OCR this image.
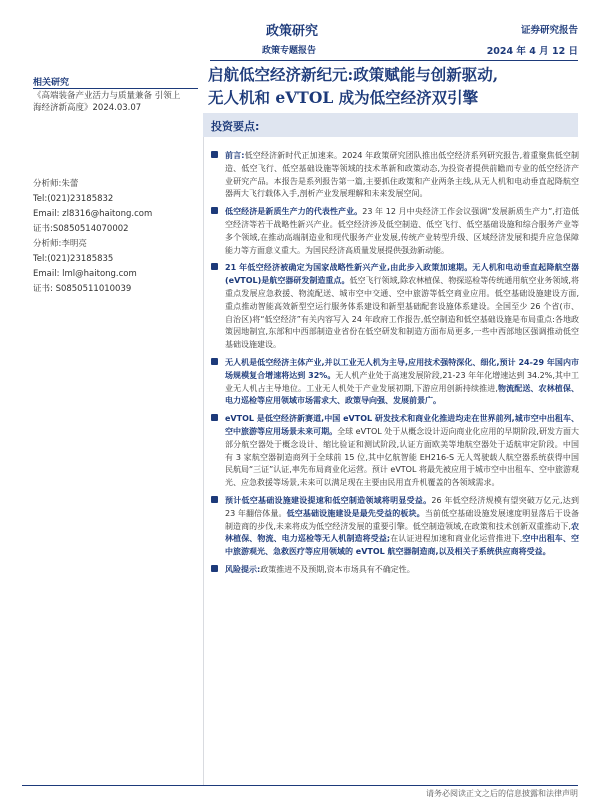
政策研究
政策专题报告
证券研究报告
2024 年 4 月 12 日
相关研究
《高端装备产业活力与质量兼备 引领上
海经济新高度》2024.03.07
分析师:朱蕾
Tel:(021)23185832
Email: zl8316@haitong.com
证书:S0850514070002
分析师:李明亮
Tel:(021)23185835
Email: lml@haitong.com
证书: S0850511010039
启航低空经济新纪元:政策赋能与创新驱动,
无人机和 eVTOL 成为低空经济双引擎
投资要点:
前言:低空经济新时代正加速来。2024 年政策研究团队推出低空经济系列研究报告,着重聚焦低空制造、低空飞行、低空基础设施等领域的技术革新和政策动态,为投资者提供前瞻而专业的低空经济产业研究产品。本报告是系列报告第一篇,主要抓住政策和产业两条主线,从无人机和电动垂直起降航空器两大飞行载体入手,剖析产业发展理解和未来发展空间。
低空经济是新质生产力的代表性产业。23 年 12 月中央经济工作会议强调“发展新质生产力”,打造低空经济等若干战略性新兴产业。低空经济涉及低空制造、低空飞行、低空基础设施和综合服务产业等多个领域,在推动高端制造业和现代服务产业发展,传统产业转型升级、区域经济发展和提升应急保障能力等方面意义重大。为国民经济高质量发展提供强劲新动能。
21 年低空经济被确定为国家战略性新兴产业,由此步入政策加速期。无人机和电动垂直起降航空器(eVTOL)是航空器研发制造重点。低空飞行领域,除农林植保、物探巡检等传统通用航空业务领域,将重点发展应急救援、物流配送、城市空中交通、空中旅游等低空商业应用。低空基础设施建设方面,重点推动智能高效新型空运行服务体系建设和新型基础配套设施体系建设。全国至少 26 个省(市、自治区)将“低空经济”有关内容写入 24 年政府工作报告,低空制造和低空基础设施是布局重点:各地政策因地制宜,东部和中西部制造业省份在低空研发和制造方面布局更多,一些中西部地区强调推动低空基础设施建设。
无人机是低空经济主体产业,并以工业无人机为主导,应用技术强特深化、细化,预计 24-29 年国内市场规模复合增速将达到 32%。无人机产业处于高速发展阶段,21-23 年年化增速达到 34.2%,其中工业无人机占主导地位。工业无人机处于产业发展初期,下游应用创新持续推进,物流配送、农林植保、电力巡检等应用领域市场需求大、政策导向强、发展前景广。
eVTOL 是低空经济新赛道,中国 eVTOL 研发技术和商业化推进均走在世界前列,城市空中出租车、空中旅游等应用场景未来可期。全球 eVTOL 处于从概念设计迈向商业化应用的早期阶段,研发方面大部分航空器处于概念设计、缩比验证和测试阶段,认证方面欧美等地航空器处于适航审定阶段。中国有 3 家航空器制造商列于全球前 15 位,其中亿航智能 EH216-S 无人驾驶载人航空器系统获得中国民航局“三证”认证,率先布局商业化运营。预计 eVTOL 将最先被应用于城市空中出租车、空中旅游观光、应急救援等场景,未来可以满足现在主要由民用直升机覆盖的各领域需求。
预计低空基础设施建设提速和低空制造领域将明显受益。26 年低空经济规模有望突破万亿元,达到 23 年翻倍体量。低空基础设施建设是最先受益的板块。当前低空基础设施发展速度明显落后于设备制造商的步伐,未来将成为低空经济发展的重要引擎。低空制造领域,在政策和技术创新双重推动下,农林植保、物流、电力巡检等无人机制造将受益;在认证进程加速和商业化运营推进下,空中出租车、空中旅游观光、急救医疗等应用领域的 eVTOL 航空器制造商,以及相关子系统供应商将受益。
风险提示:政策推进不及预期,资本市场具有不确定性。
请务必阅读正文之后的信息披露和法律声明
